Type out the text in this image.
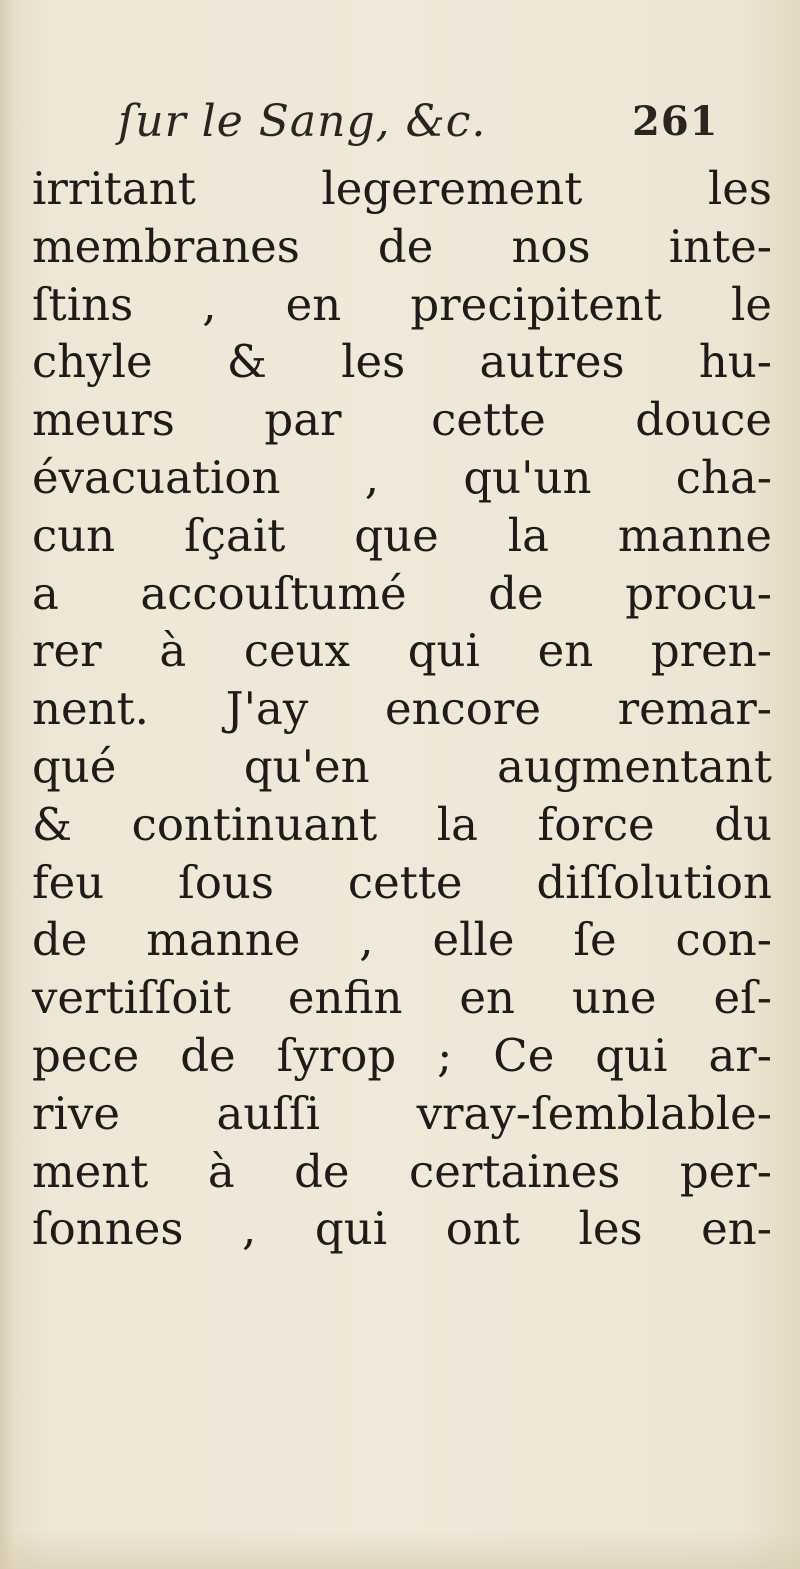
ſur le Sang, &c.	261
irritant legerement les
membranes de nos inte-
ſtins , en precipitent le
chyle & les autres hu-
meurs par cette douce
évacuation , qu'un cha-
cun ſçait que la manne
a accouſtumé de procu-
rer à ceux qui en pren-
nent. J'ay encore remar-
qué qu'en augmentant
& continuant la force du
feu ſous cette diſſolution
de manne , elle ſe con-
vertiſſoit enfin en une eſ-
pece de ſyrop ; Ce qui ar-
rive auſſi vray-ſemblable-
ment à de certaines per-
ſonnes , qui ont les en-
